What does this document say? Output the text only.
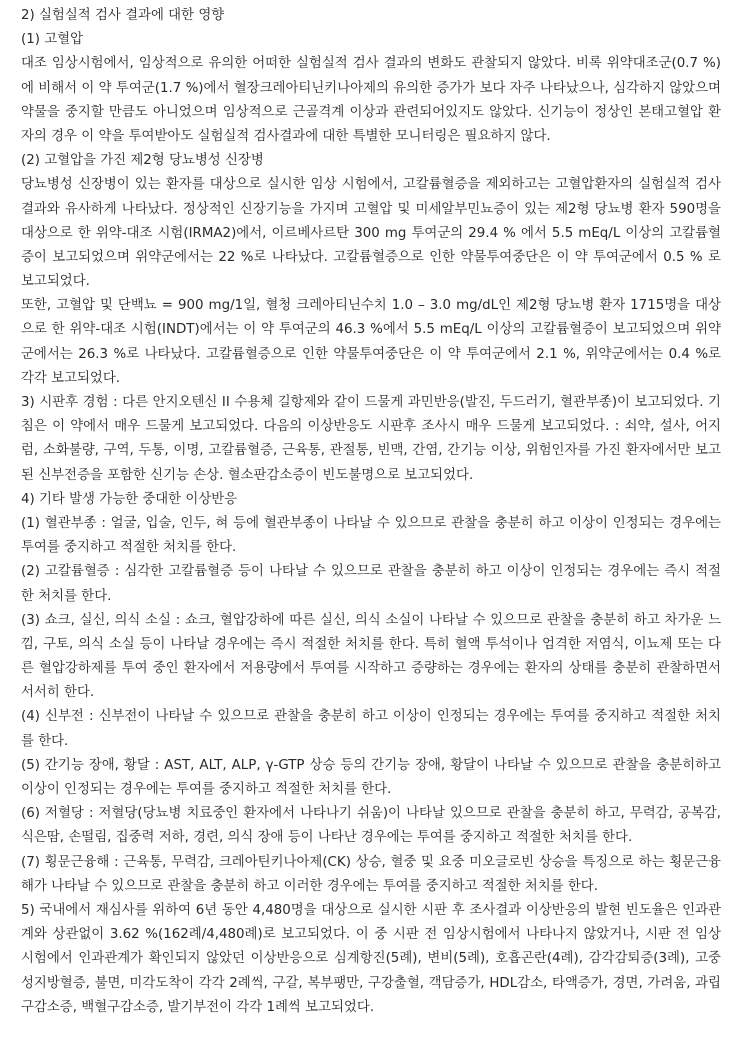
2) 실험실적 검사 결과에 대한 영향
(1) 고혈압
대조 임상시험에서, 임상적으로 유의한 어떠한 실험실적 검사 결과의 변화도 관찰되지 않았다. 비록 위약대조군(0.7 %)
에 비해서 이 약 투여군(1.7 %)에서 혈장크레아티닌키나아제의 유의한 증가가 보다 자주 나타났으나, 심각하지 않았으며
약물을 중지할 만큼도 아니었으며 임상적으로 근골격계 이상과 관련되어있지도 않았다. 신기능이 정상인 본태고혈압 환
자의 경우 이 약을 투여받아도 실험실적 검사결과에 대한 특별한 모니터링은 필요하지 않다.
(2) 고혈압을 가진 제2형 당뇨병성 신장병
당뇨병성 신장병이 있는 환자를 대상으로 실시한 임상 시험에서, 고칼륨혈증을 제외하고는 고혈압환자의 실험실적 검사
결과와 유사하게 나타났다. 정상적인 신장기능을 가지며 고혈압 및 미세알부민뇨증이 있는 제2형 당뇨병 환자 590명을
대상으로 한 위약-대조 시험(IRMA2)에서, 이르베사르탄 300 mg 투여군의 29.4 % 에서 5.5 mEq/L 이상의 고칼륨혈
증이 보고되었으며 위약군에서는 22 %로 나타났다. 고칼륨혈증으로 인한 약물투여중단은 이 약 투여군에서 0.5 % 로
보고되었다.
또한, 고혈압 및 단백뇨 = 900 mg/1일, 혈청 크레아티닌수치 1.0 – 3.0 mg/dL인 제2형 당뇨병 환자 1715명을 대상
으로 한 위약-대조 시험(INDT)에서는 이 약 투여군의 46.3 %에서 5.5 mEq/L 이상의 고칼륨혈증이 보고되었으며 위약
군에서는 26.3 %로 나타났다. 고칼륨혈증으로 인한 약물투여중단은 이 약 투여군에서 2.1 %, 위약군에서는 0.4 %로
각각 보고되었다.
3) 시판후 경험 : 다른 안지오텐신 II 수용체 길항제와 같이 드물게 과민반응(발진, 두드러기, 혈관부종)이 보고되었다. 기
침은 이 약에서 매우 드물게 보고되었다. 다음의 이상반응도 시판후 조사시 매우 드물게 보고되었다. : 쇠약, 설사, 어지
럼, 소화불량, 구역, 두통, 이명, 고칼륨혈증, 근육통, 관절통, 빈맥, 간염, 간기능 이상, 위험인자를 가진 환자에서만 보고
된 신부전증을 포함한 신기능 손상. 혈소판감소증이 빈도불명으로 보고되었다.
4) 기타 발생 가능한 중대한 이상반응
(1) 혈관부종 : 얼굴, 입술, 인두, 혀 등에 혈관부종이 나타날 수 있으므로 관찰을 충분히 하고 이상이 인정되는 경우에는
투여를 중지하고 적절한 처치를 한다.
(2) 고칼륨혈증 : 심각한 고칼륨혈증 등이 나타날 수 있으므로 관찰을 충분히 하고 이상이 인정되는 경우에는 즉시 적절
한 처치를 한다.
(3) 쇼크, 실신, 의식 소실 : 쇼크, 혈압강하에 따른 실신, 의식 소실이 나타날 수 있으므로 관찰을 충분히 하고 차가운 느
낌, 구토, 의식 소실 등이 나타날 경우에는 즉시 적절한 처치를 한다. 특히 혈액 투석이나 엄격한 저염식, 이뇨제 또는 다
른 혈압강하제를 투여 중인 환자에서 저용량에서 투여를 시작하고 증량하는 경우에는 환자의 상태를 충분히 관찰하면서
서서히 한다.
(4) 신부전 : 신부전이 나타날 수 있으므로 관찰을 충분히 하고 이상이 인정되는 경우에는 투여를 중지하고 적절한 처치
를 한다.
(5) 간기능 장애, 황달 : AST, ALT, ALP, γ-GTP 상승 등의 간기능 장애, 황달이 나타날 수 있으므로 관찰을 충분히하고
이상이 인정되는 경우에는 투여를 중지하고 적절한 처치를 한다.
(6) 저혈당 : 저혈당(당뇨병 치료중인 환자에서 나타나기 쉬움)이 나타날 있으므로 관찰을 충분히 하고, 무력감, 공복감,
식은땀, 손떨림, 집중력 저하, 경련, 의식 장애 등이 나타난 경우에는 투여를 중지하고 적절한 처치를 한다.
(7) 횡문근융해 : 근육통, 무력감, 크레아틴키나아제(CK) 상승, 혈중 및 요중 미오글로빈 상승을 특징으로 하는 횡문근융
해가 나타날 수 있으므로 관찰을 충분히 하고 이러한 경우에는 투여를 중지하고 적절한 처치를 한다.
5) 국내에서 재심사를 위하여 6년 동안 4,480명을 대상으로 실시한 시판 후 조사결과 이상반응의 발현 빈도율은 인과관
계와 상관없이 3.62 %(162례/4,480례)로 보고되었다. 이 중 시판 전 임상시험에서 나타나지 않았거나, 시판 전 임상
시험에서 인과관계가 확인되지 않았던 이상반응으로 심계항진(5례), 변비(5례), 호흡곤란(4례), 감각감퇴증(3례), 고중
성지방혈증, 불면, 미각도착이 각각 2례씩, 구갈, 복부팽만, 구강출혈, 객담증가, HDL감소, 타액증가, 경면, 가려움, 과립
구감소증, 백혈구감소증, 발기부전이 각각 1례씩 보고되었다.
